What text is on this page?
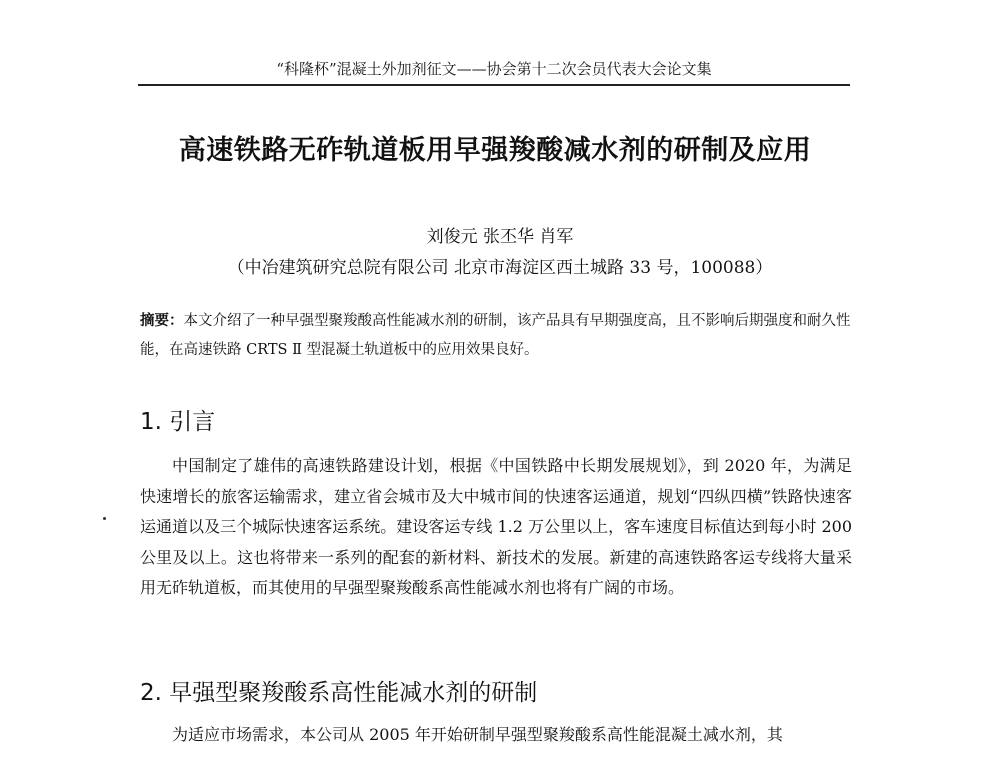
“科隆杯”混凝土外加剂征文——协会第十二次会员代表大会论文集
高速铁路无砟轨道板用早强羧酸减水剂的研制及应用
刘俊元 张丕华 肖军
（中冶建筑研究总院有限公司 北京市海淀区西土城路 33 号，100088）
摘要：本文介绍了一种早强型聚羧酸高性能减水剂的研制，该产品具有早期强度高，且不影响后期强度和耐久性能，在高速铁路 CRTS Ⅱ 型混凝土轨道板中的应用效果良好。
1. 引言
中国制定了雄伟的高速铁路建设计划，根据《中国铁路中长期发展规划》，到 2020 年，为满足快速增长的旅客运输需求，建立省会城市及大中城市间的快速客运通道，规划“四纵四横”铁路快速客运通道以及三个城际快速客运系统。建设客运专线 1.2 万公里以上，客车速度目标值达到每小时 200 公里及以上。这也将带来一系列的配套的新材料、新技术的发展。新建的高速铁路客运专线将大量采用无砟轨道板，而其使用的早强型聚羧酸系高性能减水剂也将有广阔的市场。
2. 早强型聚羧酸系高性能减水剂的研制
为适应市场需求，本公司从 2005 年开始研制早强型聚羧酸系高性能混凝土减水剂，其
